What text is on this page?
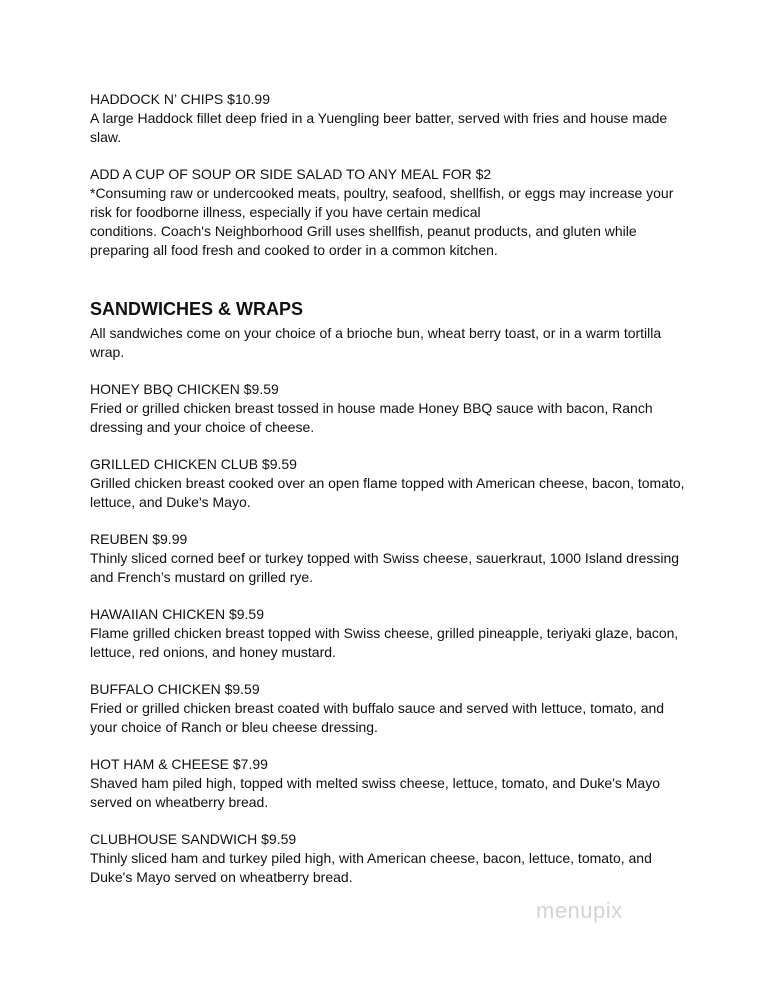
HADDOCK N’ CHIPS $10.99

A large Haddock fillet deep fried in a Yuengling beer batter, served with fries and house made

slaw.

ADD A CUP OF SOUP OR SIDE SALAD TO ANY MEAL FOR $2

*Consuming raw or undercooked meats, poultry, seafood, shellfish, or eggs may increase your

risk for foodborne illness, especially if you have certain medical

conditions. Coach's Neighborhood Grill uses shellfish, peanut products, and gluten while

preparing all food fresh and cooked to order in a common kitchen.

SANDWICHES & WRAPS

All sandwiches come on your choice of a brioche bun, wheat berry toast, or in a warm tortilla

wrap.

HONEY BBQ CHICKEN $9.59

Fried or grilled chicken breast tossed in house made Honey BBQ sauce with bacon, Ranch

dressing and your choice of cheese.

GRILLED CHICKEN CLUB $9.59

Grilled chicken breast cooked over an open flame topped with American cheese, bacon, tomato,

lettuce, and Duke's Mayo.

REUBEN $9.99

Thinly sliced corned beef or turkey topped with Swiss cheese, sauerkraut, 1000 Island dressing

and French’s mustard on grilled rye.

HAWAIIAN CHICKEN $9.59

Flame grilled chicken breast topped with Swiss cheese, grilled pineapple, teriyaki glaze, bacon,

lettuce, red onions, and honey mustard.

BUFFALO CHICKEN $9.59

Fried or grilled chicken breast coated with buffalo sauce and served with lettuce, tomato, and

your choice of Ranch or bleu cheese dressing.

HOT HAM & CHEESE $7.99

Shaved ham piled high, topped with melted swiss cheese, lettuce, tomato, and Duke's Mayo

served on wheatberry bread.

CLUBHOUSE SANDWICH $9.59

Thinly sliced ham and turkey piled high, with American cheese, bacon, lettuce, tomato, and

Duke's Mayo served on wheatberry bread.

menupix
